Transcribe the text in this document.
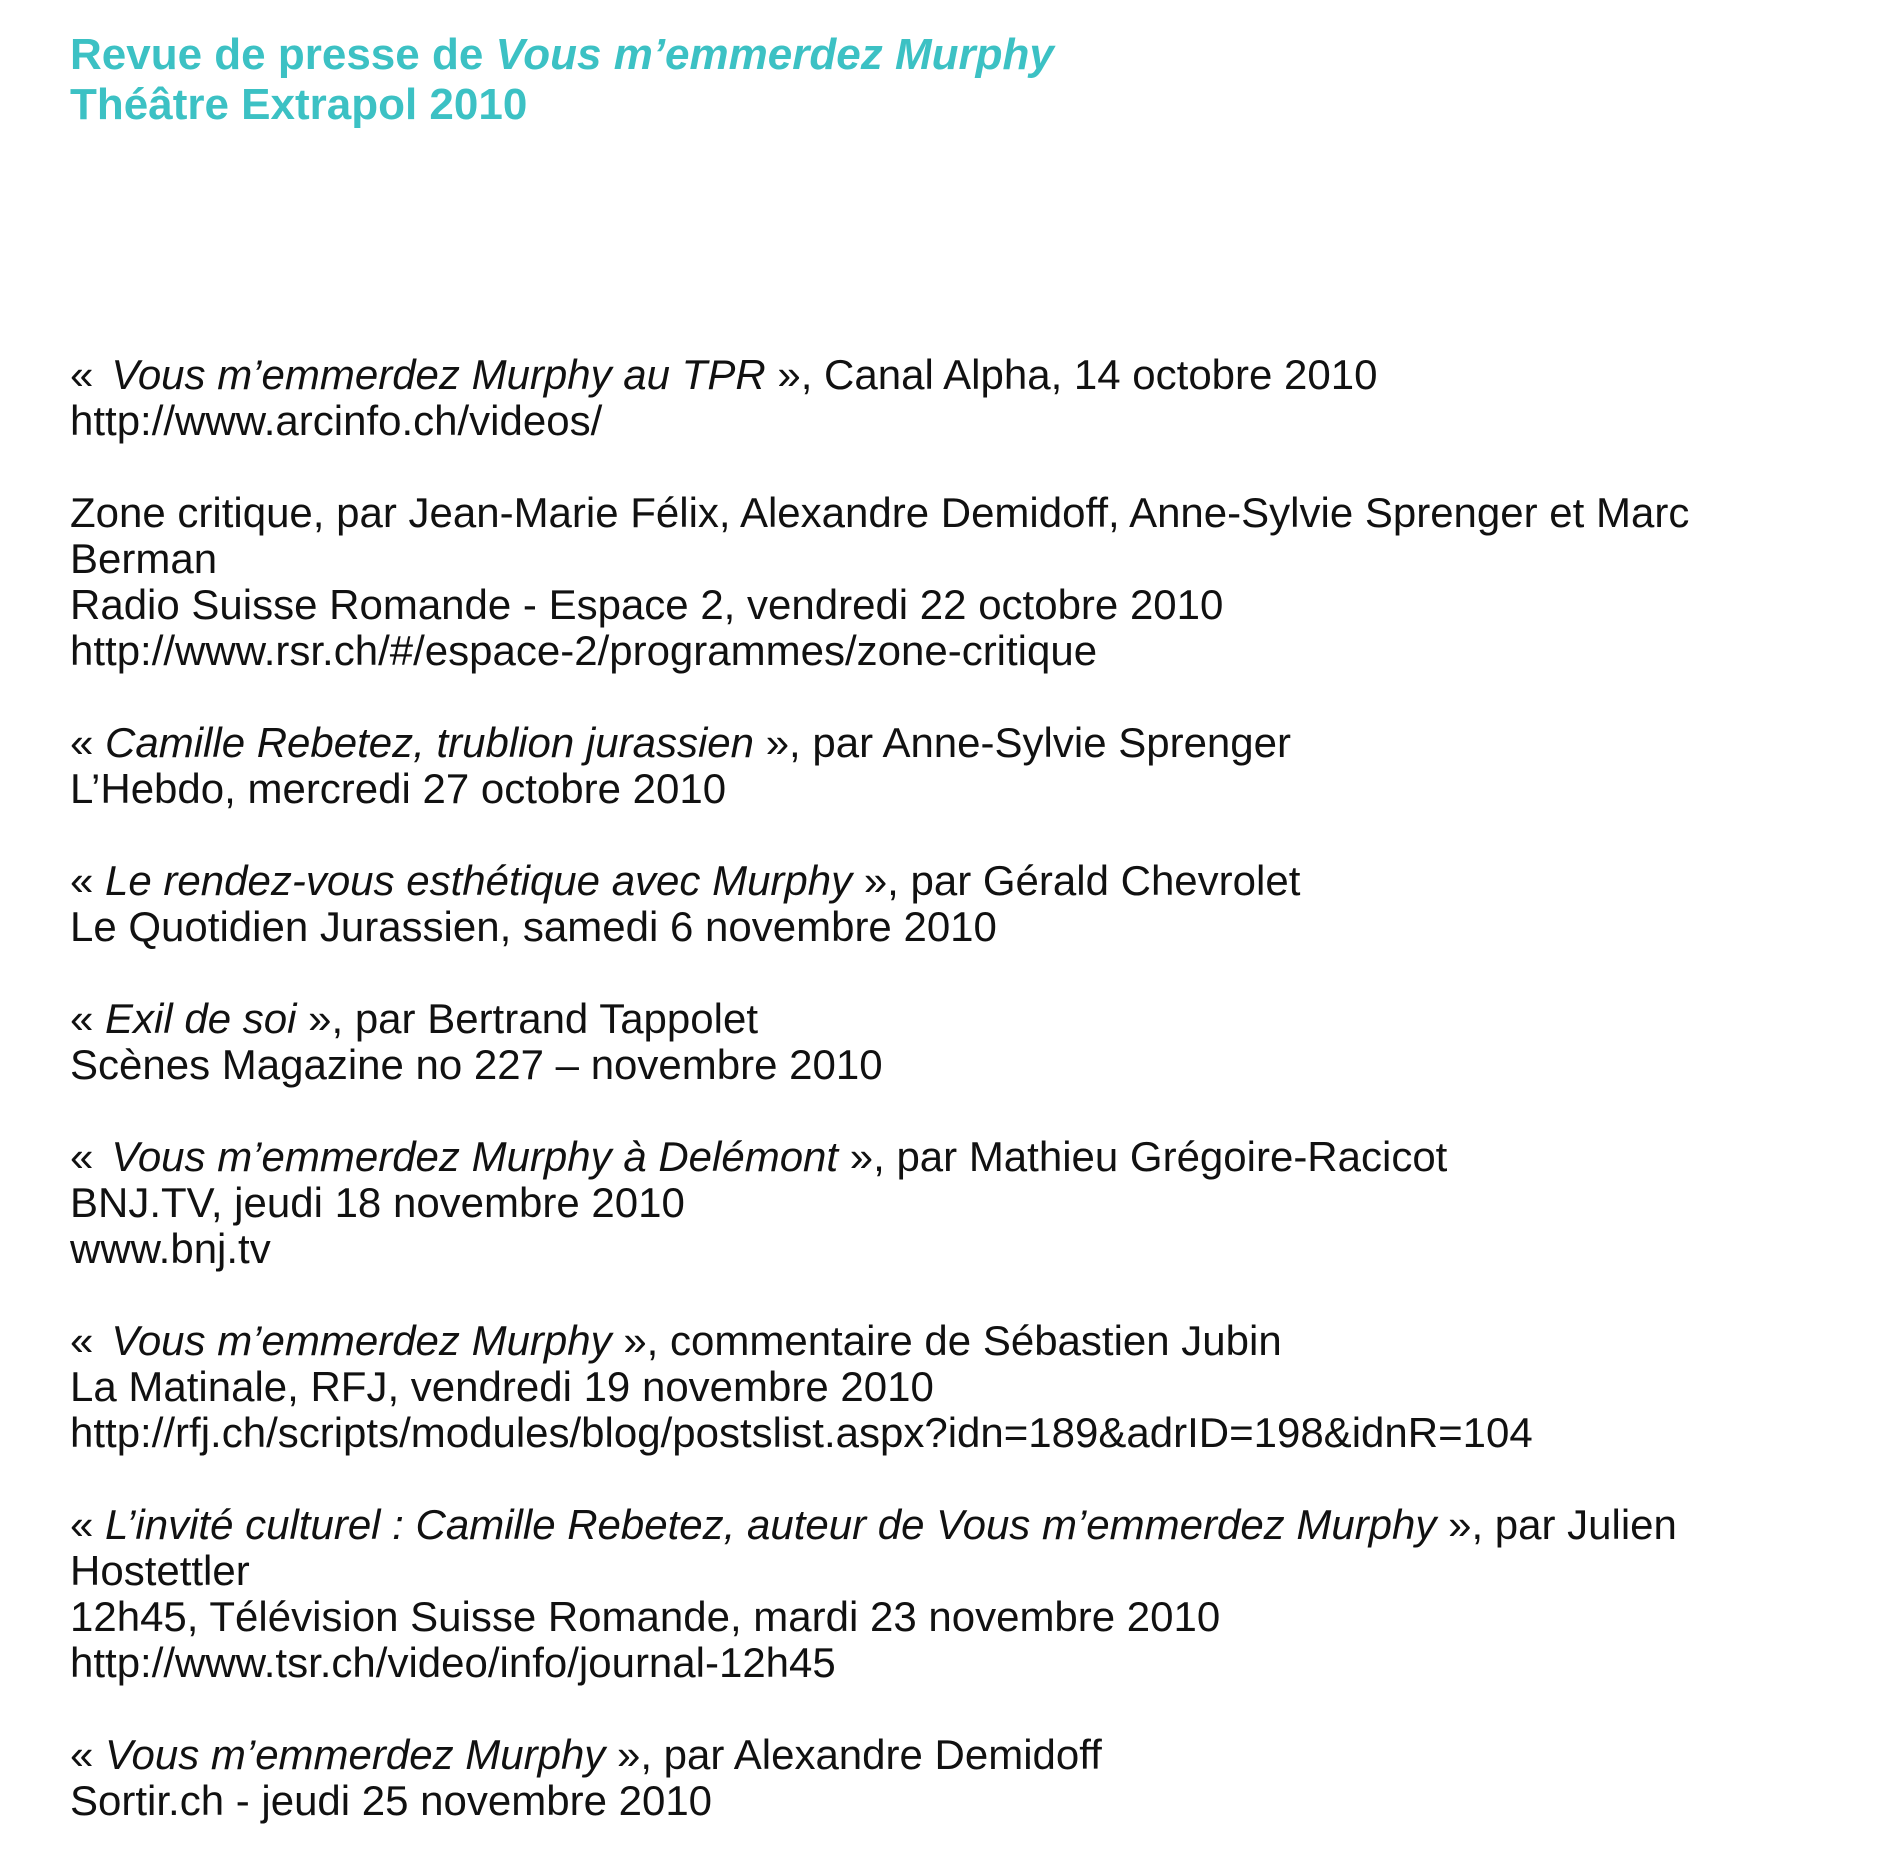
Revue de presse de Vous m’emmerdez Murphy
Théâtre Extrapol 2010
« Vous m’emmerdez Murphy au TPR », Canal Alpha, 14 octobre 2010
http://www.arcinfo.ch/videos/
Zone critique, par Jean-Marie Félix, Alexandre Demidoff, Anne-Sylvie Sprenger et Marc
Berman
Radio Suisse Romande - Espace 2, vendredi 22 octobre 2010
http://www.rsr.ch/#/espace-2/programmes/zone-critique
« Camille Rebetez, trublion jurassien », par Anne-Sylvie Sprenger
L’Hebdo, mercredi 27 octobre 2010
« Le rendez-vous esthétique avec Murphy », par Gérald Chevrolet
Le Quotidien Jurassien, samedi 6 novembre 2010
« Exil de soi », par Bertrand Tappolet
Scènes Magazine no 227 – novembre 2010
« Vous m’emmerdez Murphy à Delémont », par Mathieu Grégoire-Racicot
BNJ.TV, jeudi 18 novembre 2010
www.bnj.tv
« Vous m’emmerdez Murphy », commentaire de Sébastien Jubin
La Matinale, RFJ, vendredi 19 novembre 2010
http://rfj.ch/scripts/modules/blog/postslist.aspx?idn=189&adrID=198&idnR=104
« L’invité culturel : Camille Rebetez, auteur de Vous m’emmerdez Murphy », par Julien
Hostettler
12h45, Télévision Suisse Romande, mardi 23 novembre 2010
http://www.tsr.ch/video/info/journal-12h45
« Vous m’emmerdez Murphy », par Alexandre Demidoff
Sortir.ch - jeudi 25 novembre 2010
